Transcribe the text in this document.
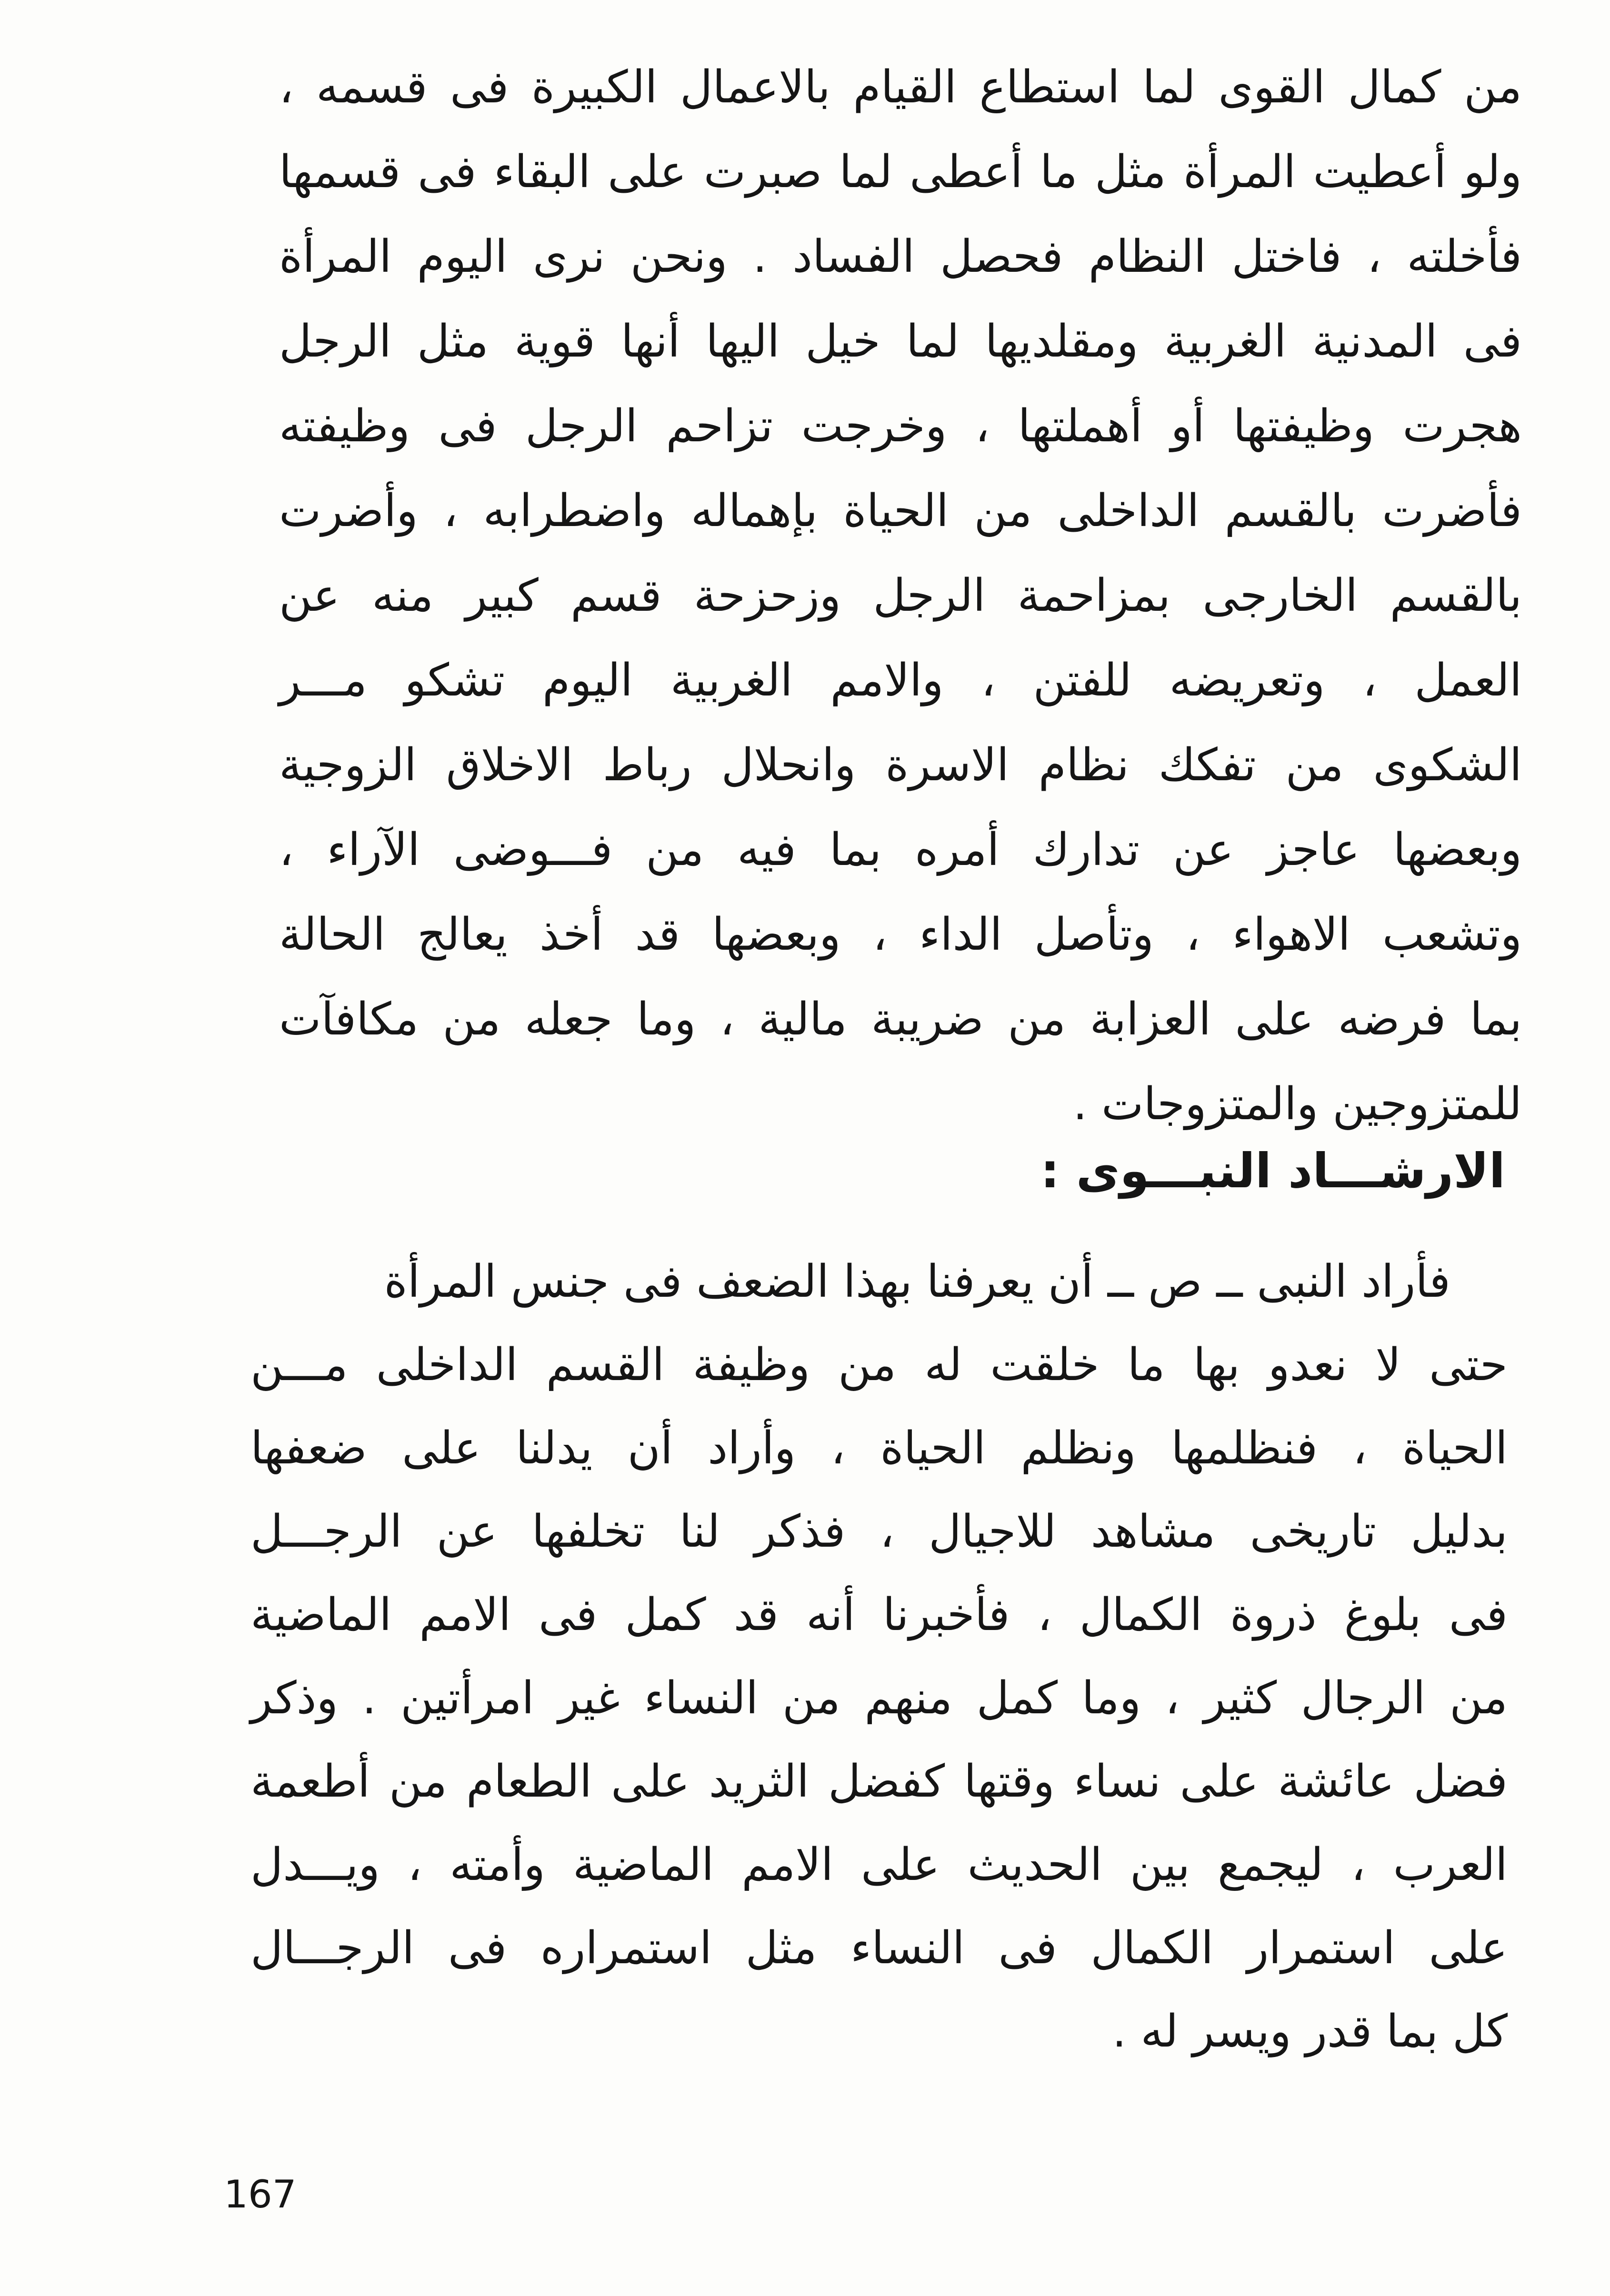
من كمال القوى لما استطاع القيام بالاعمال الكبيرة فى قسمه ،
ولو أعطيت المرأة مثل ما أعطى لما صبرت على البقاء فى قسمها
فأخلته ، فاختل النظام فحصل الفساد . ونحن نرى اليوم المرأة
فى المدنية الغربية ومقلديها لما خيل اليها أنها قوية مثل الرجل
هجرت وظيفتها أو أهملتها ، وخرجت تزاحم الرجل فى وظيفته
فأضرت بالقسم الداخلى من الحياة بإهماله واضطرابه ، وأضرت
بالقسم الخارجى بمزاحمة الرجل وزحزحة قسم كبير منه عن
العمل ، وتعريضه للفتن ، والامم الغربية اليوم تشكو مـــر
الشكوى من تفكك نظام الاسرة وانحلال رباط الاخلاق الزوجية
وبعضها عاجز عن تدارك أمره بما فيه من فـــوضى الآراء ،
وتشعب الاهواء ، وتأصل الداء ، وبعضها قد أخذ يعالج الحالة
بما فرضه على العزابة من ضريبة مالية ، وما جعله من مكافآت
للمتزوجين والمتزوجات .
الارشـــاد النبـــوى :
فأراد النبى ــ ص ــ أن يعرفنا بهذا الضعف فى جنس المرأة
حتى لا نعدو بها ما خلقت له من وظيفة القسم الداخلى مـــن
الحياة ، فنظلمها ونظلم الحياة ، وأراد أن يدلنا على ضعفها
بدليل تاريخى مشاهد للاجيال ، فذكر لنا تخلفها عن الرجـــل
فى بلوغ ذروة الكمال ، فأخبرنا أنه قد كمل فى الامم الماضية
من الرجال كثير ، وما كمل منهم من النساء غير امرأتين . وذكر
فضل عائشة على نساء وقتها كفضل الثريد على الطعام من أطعمة
العرب ، ليجمع بين الحديث على الامم الماضية وأمته ، ويـــدل
على استمرار الكمال فى النساء مثل استمراره فى الرجـــال
كل بما قدر ويسر له .
167
